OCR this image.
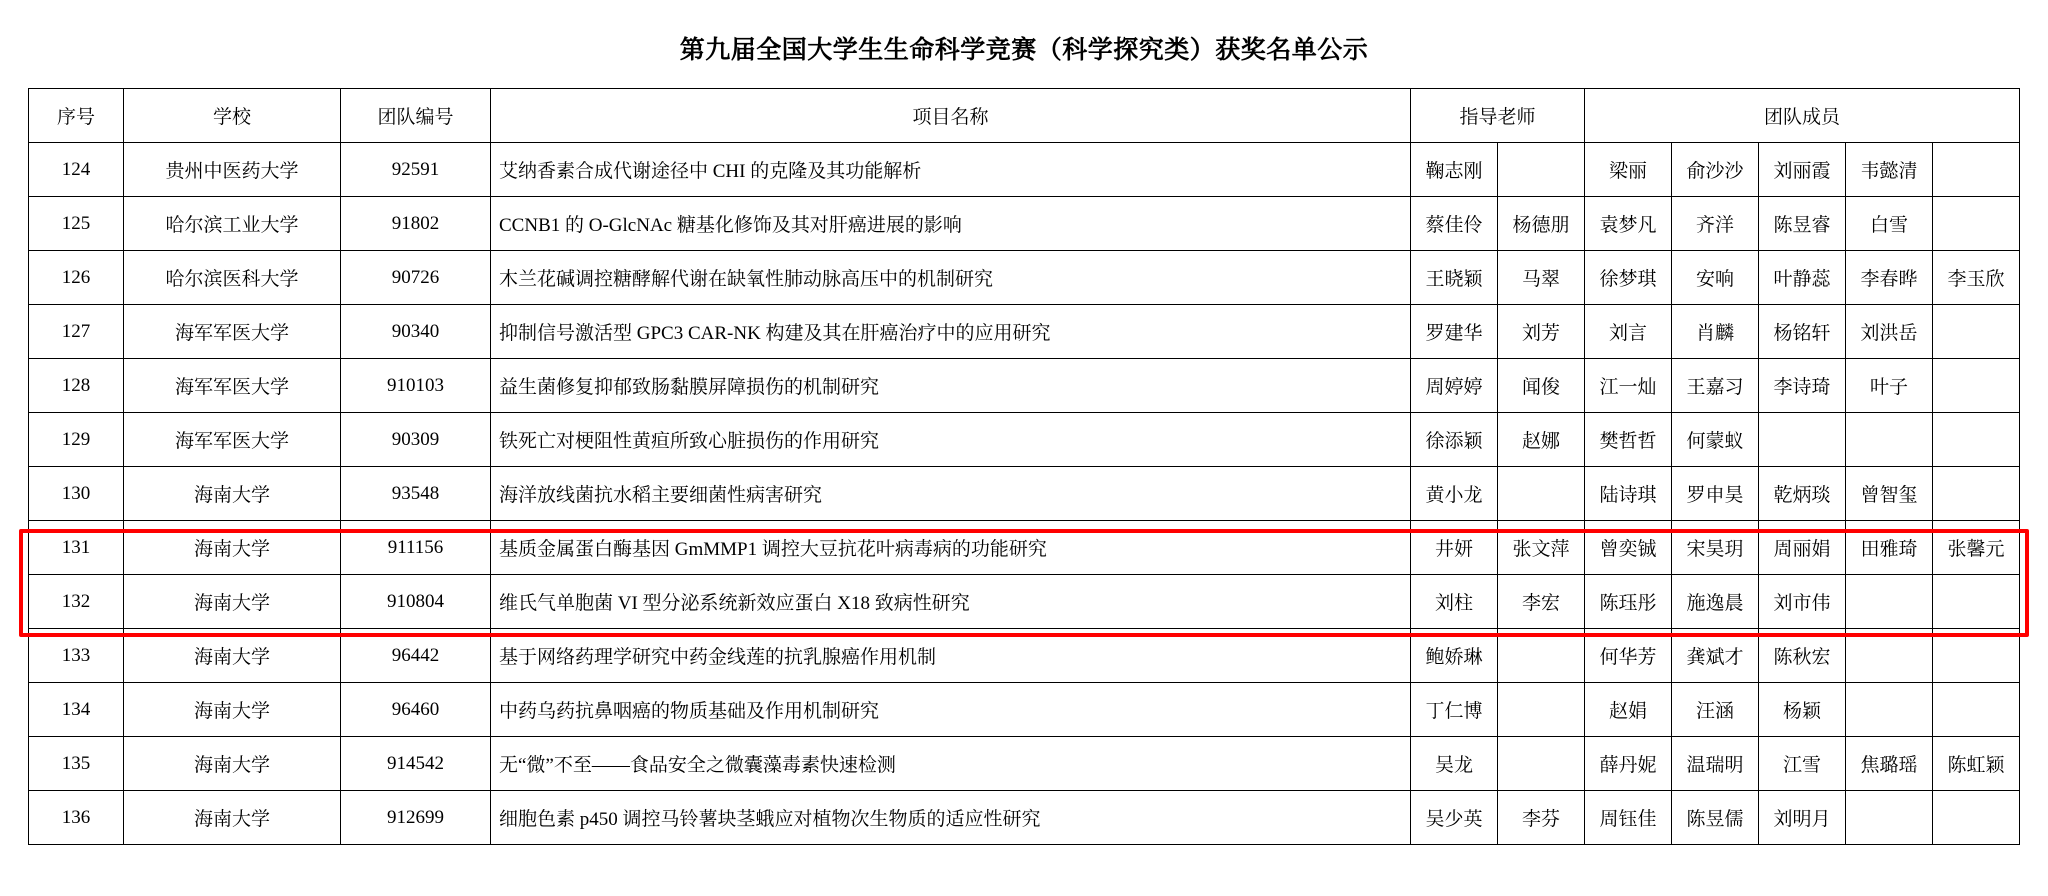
第九届全国大学生生命科学竞赛（科学探究类）获奖名单公示
序号	学校	团队编号	项目名称	指导老师		团队成员				
124	贵州中医药大学	92591	艾纳香素合成代谢途径中 CHI 的克隆及其功能解析	鞠志刚		梁丽	俞沙沙	刘丽霞	韦懿清	
125	哈尔滨工业大学	91802	CCNB1 的 O-GlcNAc 糖基化修饰及其对肝癌进展的影响	蔡佳伶	杨德朋	袁梦凡	齐洋	陈昱睿	白雪	
126	哈尔滨医科大学	90726	木兰花碱调控糖酵解代谢在缺氧性肺动脉高压中的机制研究	王晓颖	马翠	徐梦琪	安响	叶静蕊	李春晔	李玉欣
127	海军军医大学	90340	抑制信号激活型 GPC3 CAR-NK 构建及其在肝癌治疗中的应用研究	罗建华	刘芳	刘言	肖麟	杨铭轩	刘洪岳	
128	海军军医大学	910103	益生菌修复抑郁致肠黏膜屏障损伤的机制研究	周婷婷	闻俊	江一灿	王嘉习	李诗琦	叶子	
129	海军军医大学	90309	铁死亡对梗阻性黄疸所致心脏损伤的作用研究	徐添颖	赵娜	樊哲哲	何蒙蚁			
130	海南大学	93548	海洋放线菌抗水稻主要细菌性病害研究	黄小龙		陆诗琪	罗申昊	乾炳琰	曾智玺	
131	海南大学	911156	基质金属蛋白酶基因 GmMMP1 调控大豆抗花叶病毒病的功能研究	井妍	张文萍	曾奕铖	宋昊玥	周丽娟	田雅琦	张馨元
132	海南大学	910804	维氏气单胞菌 VI 型分泌系统新效应蛋白 X18 致病性研究	刘柱	李宏	陈珏彤	施逸晨	刘市伟		
133	海南大学	96442	基于网络药理学研究中药金线莲的抗乳腺癌作用机制	鲍娇琳		何华芳	龚斌才	陈秋宏		
134	海南大学	96460	中药乌药抗鼻咽癌的物质基础及作用机制研究	丁仁博		赵娟	汪涵	杨颖		
135	海南大学	914542	无“微”不至——食品安全之微囊藻毒素快速检测	吴龙		薛丹妮	温瑞明	江雪	焦璐瑶	陈虹颖
136	海南大学	912699	细胞色素 p450 调控马铃薯块茎蛾应对植物次生物质的适应性研究	吴少英	李芬	周钰佳	陈昱儒	刘明月		
